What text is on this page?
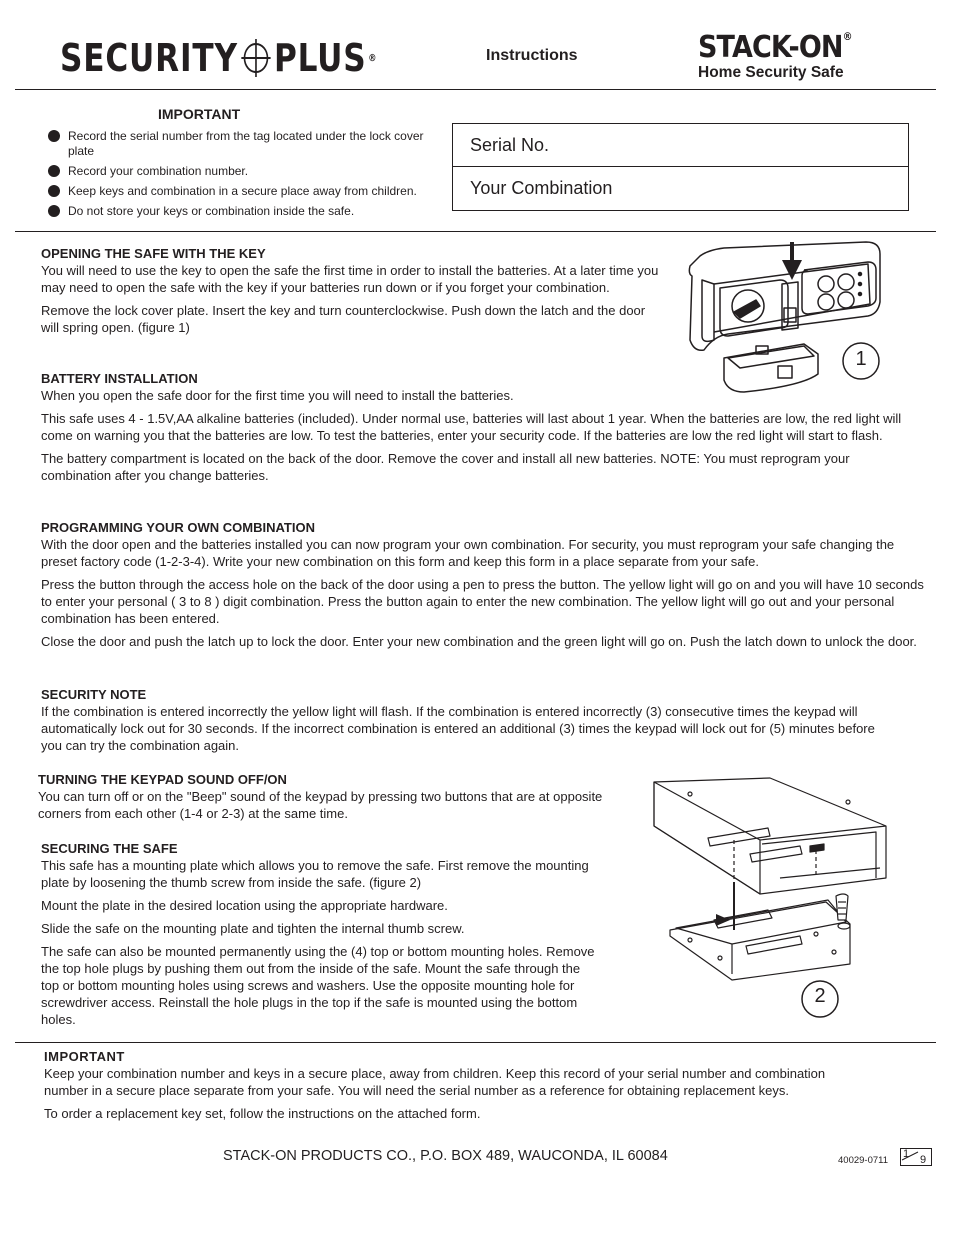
SECURITY PLUS ®	Instructions	STACK-ON®
Home Security Safe
IMPORTANT
Record the serial number from the tag located under the lock cover plate
Record your combination number.
Keep keys and combination in a secure place away from children.
Do not store your keys or combination inside the safe.
Serial No.
Your Combination
OPENING THE SAFE WITH THE KEY

You will need to use the key to open the safe the first time in order to install the batteries. At a later time you may need to open the safe with the key if your batteries run down or if you forget your combination.

Remove the lock cover plate. Insert the key and turn counterclockwise. Push down the latch and the door will spring open. (figure 1)

1
BATTERY INSTALLATION

When you open the safe door for the first time you will need to install the batteries.

This safe uses 4 - 1.5V,AA alkaline batteries (included). Under normal use, batteries will last about 1 year. When the batteries are low, the red light will come on warning you that the batteries are low. To test the batteries, enter your security code. If the batteries are low the red light will start to flash.

The battery compartment is located on the back of the door. Remove the cover and install all new batteries. NOTE: You must reprogram your combination after you change batteries.

PROGRAMMING YOUR OWN COMBINATION

With the door open and the batteries installed you can now program your own combination. For security, you must reprogram your safe changing the preset factory code (1-2-3-4). Write your new combination on this form and keep this form in a place separate from your safe.

Press the button through the access hole on the back of the door using a pen to press the button. The yellow light will go on and you will have 10 seconds to enter your personal ( 3 to 8 ) digit combination. Press the button again to enter the new combination. The yellow light will go out and your personal combination has been entered.

Close the door and push the latch up to lock the door. Enter your new combination and the green light will go on. Push the latch down to unlock the door.

SECURITY NOTE

If the combination is entered incorrectly the yellow light will flash. If the combination is entered incorrectly (3) consecutive times the keypad will automatically lock out for 30 seconds. If the incorrect combination is entered an additional (3) times the keypad will lock out for (5) minutes before you can try the combination again.

TURNING THE KEYPAD SOUND OFF/ON

You can turn off or on the "Beep" sound of the keypad by pressing two buttons that are at opposite corners from each other (1-4 or 2-3) at the same time.

SECURING THE SAFE

This safe has a mounting plate which allows you to remove the safe. First remove the mounting plate by loosening the thumb screw from inside the safe. (figure 2)

Mount the plate in the desired location using the appropriate hardware.

Slide the safe on the mounting plate and tighten the internal thumb screw.

The safe can also be mounted permanently using the (4) top or bottom mounting holes. Remove the top hole plugs by pushing them out from the inside of the safe. Mount the safe through the top or bottom mounting holes using screws and washers. Use the opposite mounting hole for screwdriver access. Reinstall the hole plugs in the top if the safe is mounted using the bottom holes.

2
IMPORTANT

Keep your combination number and keys in a secure place, away from children. Keep this record of your serial number and combination number in a secure place separate from your safe. You will need the serial number as a reference for obtaining replacement keys.

To order a replacement key set, follow the instructions on the attached form.

STACK-ON PRODUCTS CO., P.O. BOX 489, WAUCONDA, IL 60084	40029-0711
1 9
